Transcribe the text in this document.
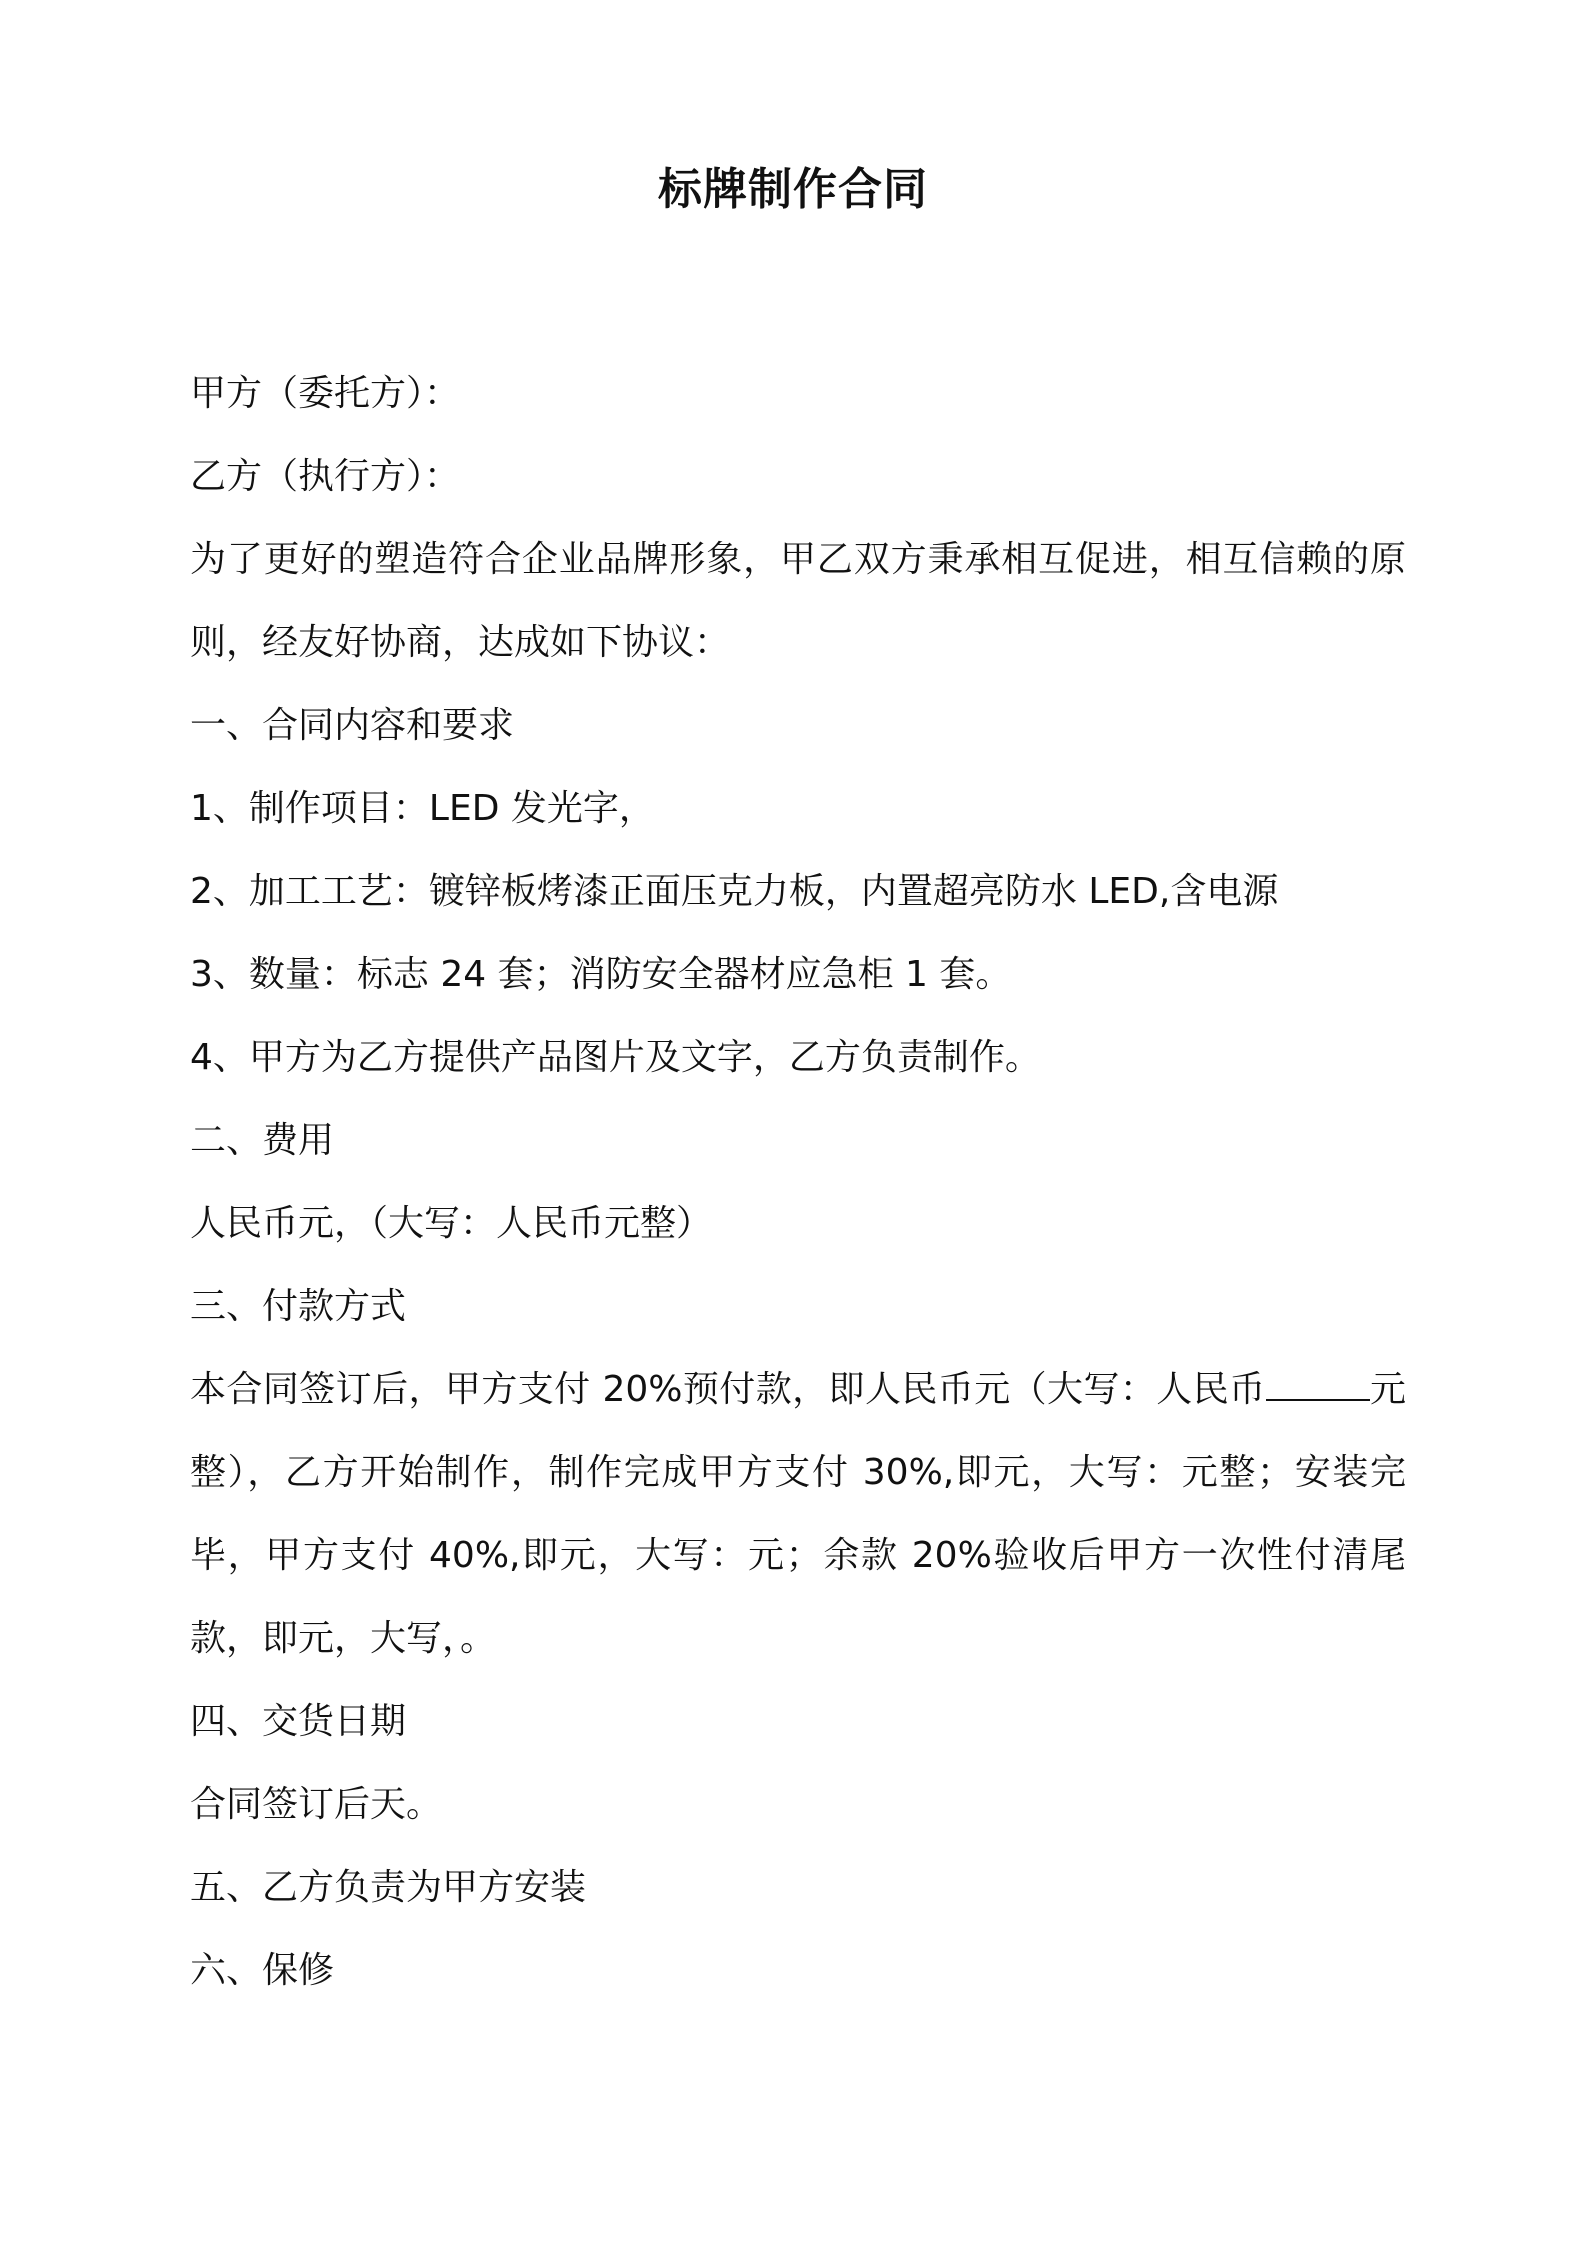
标牌制作合同

甲方（委托方）：

乙方（执行方）：

为了更好的塑造符合企业品牌形象，甲乙双方秉承相互促进，相互信赖的原则，经友好协商，达成如下协议：

一、合同内容和要求

1、制作项目：LED 发光字，

2、加工工艺：镀锌板烤漆正面压克力板，内置超亮防水 LED,含电源

3、数量：标志 24 套；消防安全器材应急柜 1 套。

4、甲方为乙方提供产品图片及文字，乙方负责制作。

二、费用

人民币元，（大写：人民币元整）

三、付款方式

本合同签订后，甲方支付 20%预付款，即人民币元（大写：人民币	元整），乙方开始制作，制作完成甲方支付 30%,即元，大写：元整；安装完毕，甲方支付 40%,即元，大写：元；余款 20%验收后甲方一次性付清尾款，即元，大写，。

四、交货日期

合同签订后天。

五、乙方负责为甲方安装

六、保修
